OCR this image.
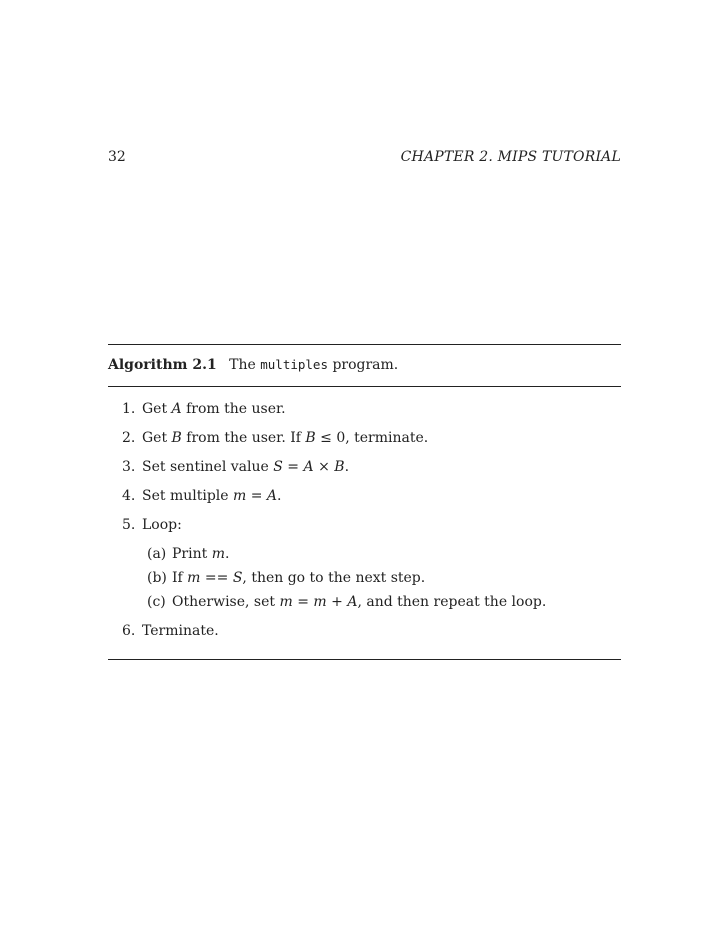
32	CHAPTER 2. MIPS TUTORIAL
Algorithm 2.1 The multiples program.
1. Get A from the user.
2. Get B from the user. If B ≤ 0, terminate.
3. Set sentinel value S = A × B.
4. Set multiple m = A.
5. Loop:
(a) Print m.
(b) If m == S, then go to the next step.
(c) Otherwise, set m = m + A, and then repeat the loop.
6. Terminate.
